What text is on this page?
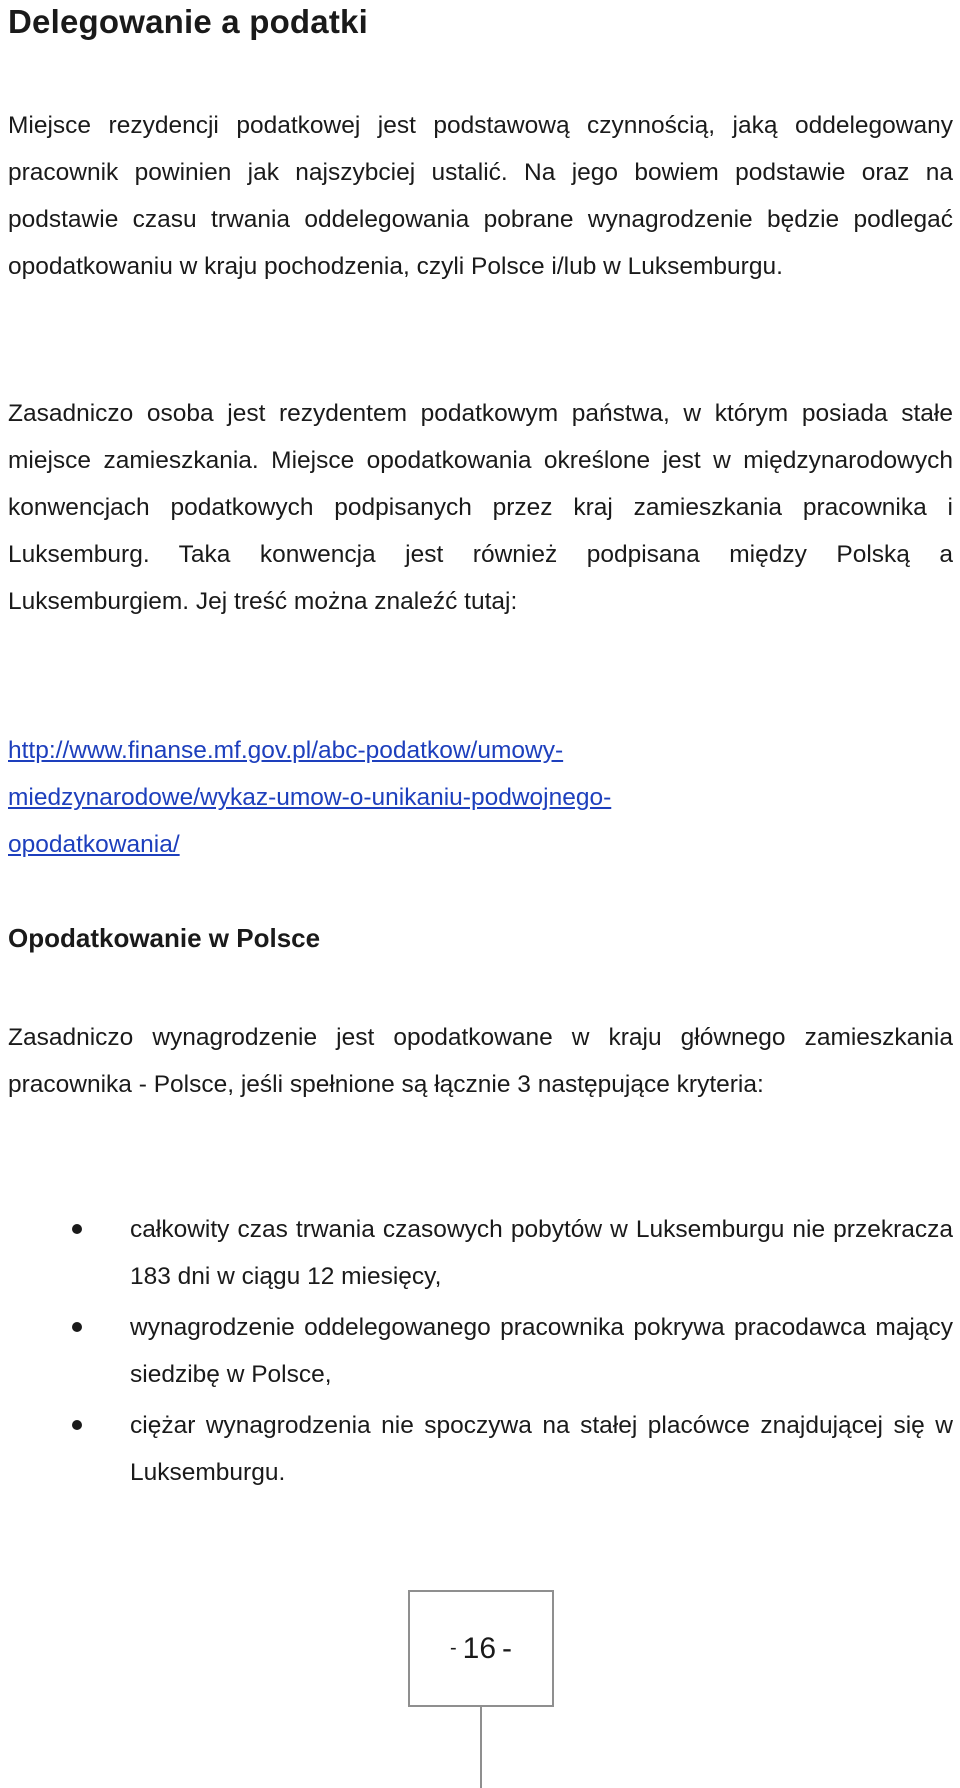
Delegowanie a podatki

Miejsce rezydencji podatkowej jest podstawową czynnością, jaką oddelegowany pracownik powinien jak najszybciej ustalić. Na jego bowiem podstawie oraz na podstawie czasu trwania oddelegowania pobrane wynagrodzenie będzie podlegać opodatkowaniu w kraju pochodzenia, czyli Polsce i/lub w Luksemburgu.

Zasadniczo osoba jest rezydentem podatkowym państwa, w którym posiada stałe miejsce zamieszkania. Miejsce opodatkowania określone jest w międzynarodowych konwencjach podatkowych podpisanych przez kraj zamieszkania pracownika i Luksemburg. Taka konwencja jest również podpisana między Polską a Luksemburgiem. Jej treść można znaleźć tutaj:

http://www.finanse.mf.gov.pl/abc-podatkow/umowy-
miedzynarodowe/wykaz-umow-o-unikaniu-podwojnego-
opodatkowania/
Opodatkowanie w Polsce

Zasadniczo wynagrodzenie jest opodatkowane w kraju głównego zamieszkania pracownika - Polsce, jeśli spełnione są łącznie 3 następujące kryteria:

całkowity czas trwania czasowych pobytów w Luksemburgu nie przekracza 183 dni w ciągu 12 miesięcy,
wynagrodzenie oddelegowanego pracownika pokrywa pracodawca mający siedzibę w Polsce,
ciężar wynagrodzenia nie spoczywa na stałej placówce znajdującej się w Luksemburgu.
- 16 -
